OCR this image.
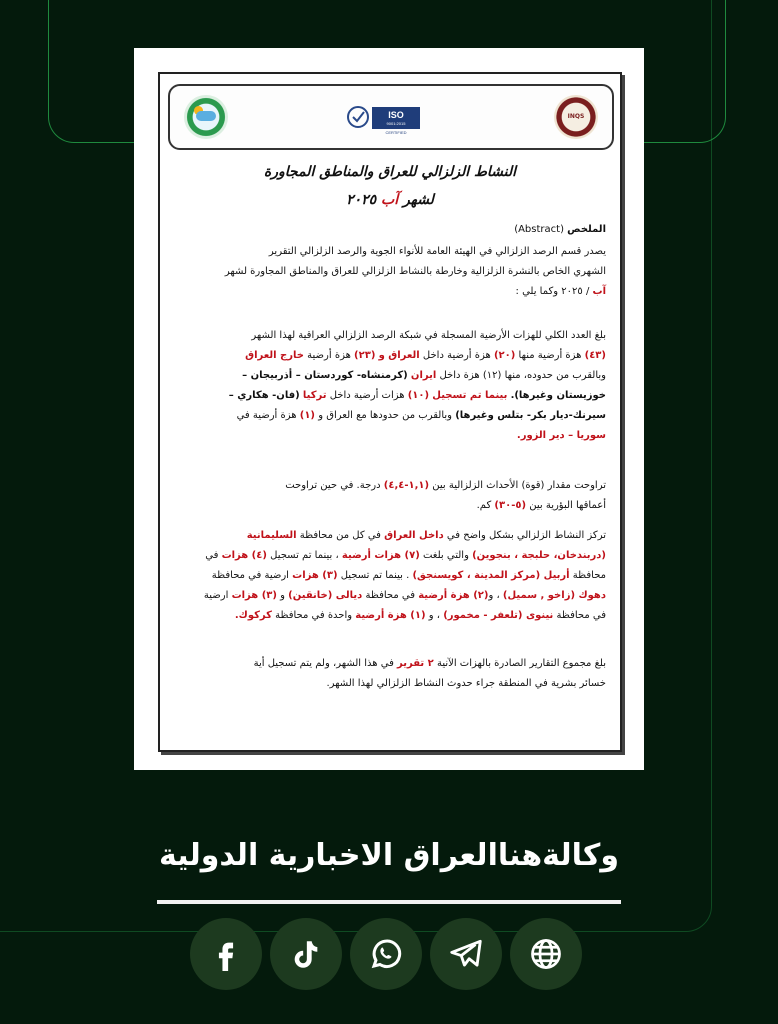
ISO
9001:2015
CERTIFIED
INQS
النشاط الزلزالي للعراق والمناطق المجاورة
لشهر آب ٢٠٢٥
الملخص (Abstract)
يصدر قسم الرصد الزلزالي في الهيئة العامة للأنواء الجوية والرصد الزلزالي التقرير
الشهري الخاص بالنشرة الزلزالية وخارطة بالنشاط الزلزالي للعراق والمناطق المجاورة لشهر
آب / ٢٠٢٥ وكما يلي :
بلغ العدد الكلي للهزات الأرضية المسجلة في شبكة الرصد الزلزالي العراقية لهذا الشهر
(٤٣) هزة أرضية منها (٢٠) هزة أرضية داخل العراق و (٢٣) هزة أرضية خارج العراق
وبالقرب من حدوده، منها (١٢) هزة داخل ايران (كرمنشاه- كوردستان – أذربيجان –
خوزيستان وغيرها). بينما تم تسجيل (١٠) هزات أرضية داخل تركيا (فان- هكاري –
سيرنك-ديار بكر- بتلس وغيرها) وبالقرب من حدودها مع العراق و (١) هزة أرضية في
سوريا – دير الزور.
تراوحت مقدار (قوة) الأحداث الزلزالية بين (١,١-٤,٤) درجة. في حين تراوحت
أعماقها البؤرية بين (٥-٣٠) كم.
تركز النشاط الزلزالي بشكل واضح في داخل العراق في كل من محافظة السليمانية
(دربندخان، حلبجة ، بنجوين) والتي بلغت (٧) هزات أرضية ، بينما تم تسجيل (٤) هزات في
محافظة أربيل (مركز المدينة ، كويسنجق) . بينما تم تسجيل (٣) هزات ارضية في محافظة
دهوك (زاخو , سميل) ، و(٢) هزة أرضية في محافظة ديالى (خانقين) و (٣) هزات ارضية
في محافظة نينوى (تلعفر - مخمور) ، و (١) هزة أرضية واحدة في محافظة كركوك.
بلغ مجموع التقارير الصادرة بالهزات الآنية ٢ تقرير في هذا الشهر، ولم يتم تسجيل أية
خسائر بشرية في المنطقة جراء حدوث النشاط الزلزالي لهذا الشهر.
وكالةهناالعراق الاخبارية الدولية
